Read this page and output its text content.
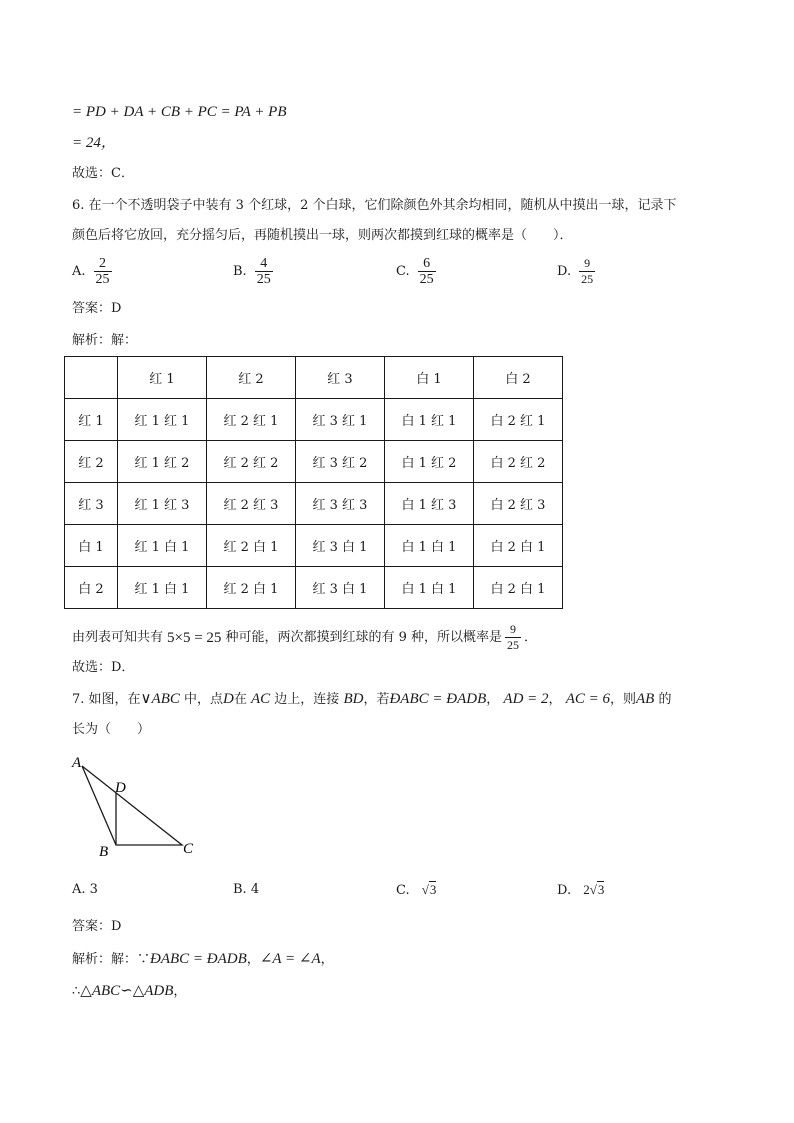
= PD + DA + CB + PC = PA + PB
= 24，
故选：C．
6. 在一个不透明袋子中装有 3 个红球，2 个白球，它们除颜色外其余均相同，随机从中摸出一球，记录下
颜色后将它放回，充分摇匀后，再随机摸出一球，则两次都摸到红球的概率是（　　）．
A. $\frac{2}{25}$	B. $\frac{4}{25}$	C. $\frac{6}{25}$	D. $\frac{9}{25}$
答案：D
解析：解：
	红 1	红 2	红 3	白 1	白 2
红 1	红 1 红 1	红 2 红 1	红 3 红 1	白 1 红 1	白 2 红 1
红 2	红 1 红 2	红 2 红 2	红 3 红 2	白 1 红 2	白 2 红 2
红 3	红 1 红 3	红 2 红 3	红 3 红 3	白 1 红 3	白 2 红 3
白 1	红 1 白 1	红 2 白 1	红 3 白 1	白 1 白 1	白 2 白 1
白 2	红 1 白 1	红 2 白 1	红 3 白 1	白 1 白 1	白 2 白 1
由列表可知共有 5×5 = 25 种可能，两次都摸到红球的有 9 种，所以概率是 $\frac{9}{25}$ ．
故选：D．
7. 如图，在∨ABC 中，点D在 AC 边上，连接 BD，若ÐABC = ÐADB， AD = 2， AC = 6，则AB 的
长为（　　）
A
D
B	C
A. 3	B. 4	C. √3	D. 2√3
答案：D
解析：解：∵ÐABC = ÐADB，∠A = ∠A，
∴△ABC∽△ADB，
